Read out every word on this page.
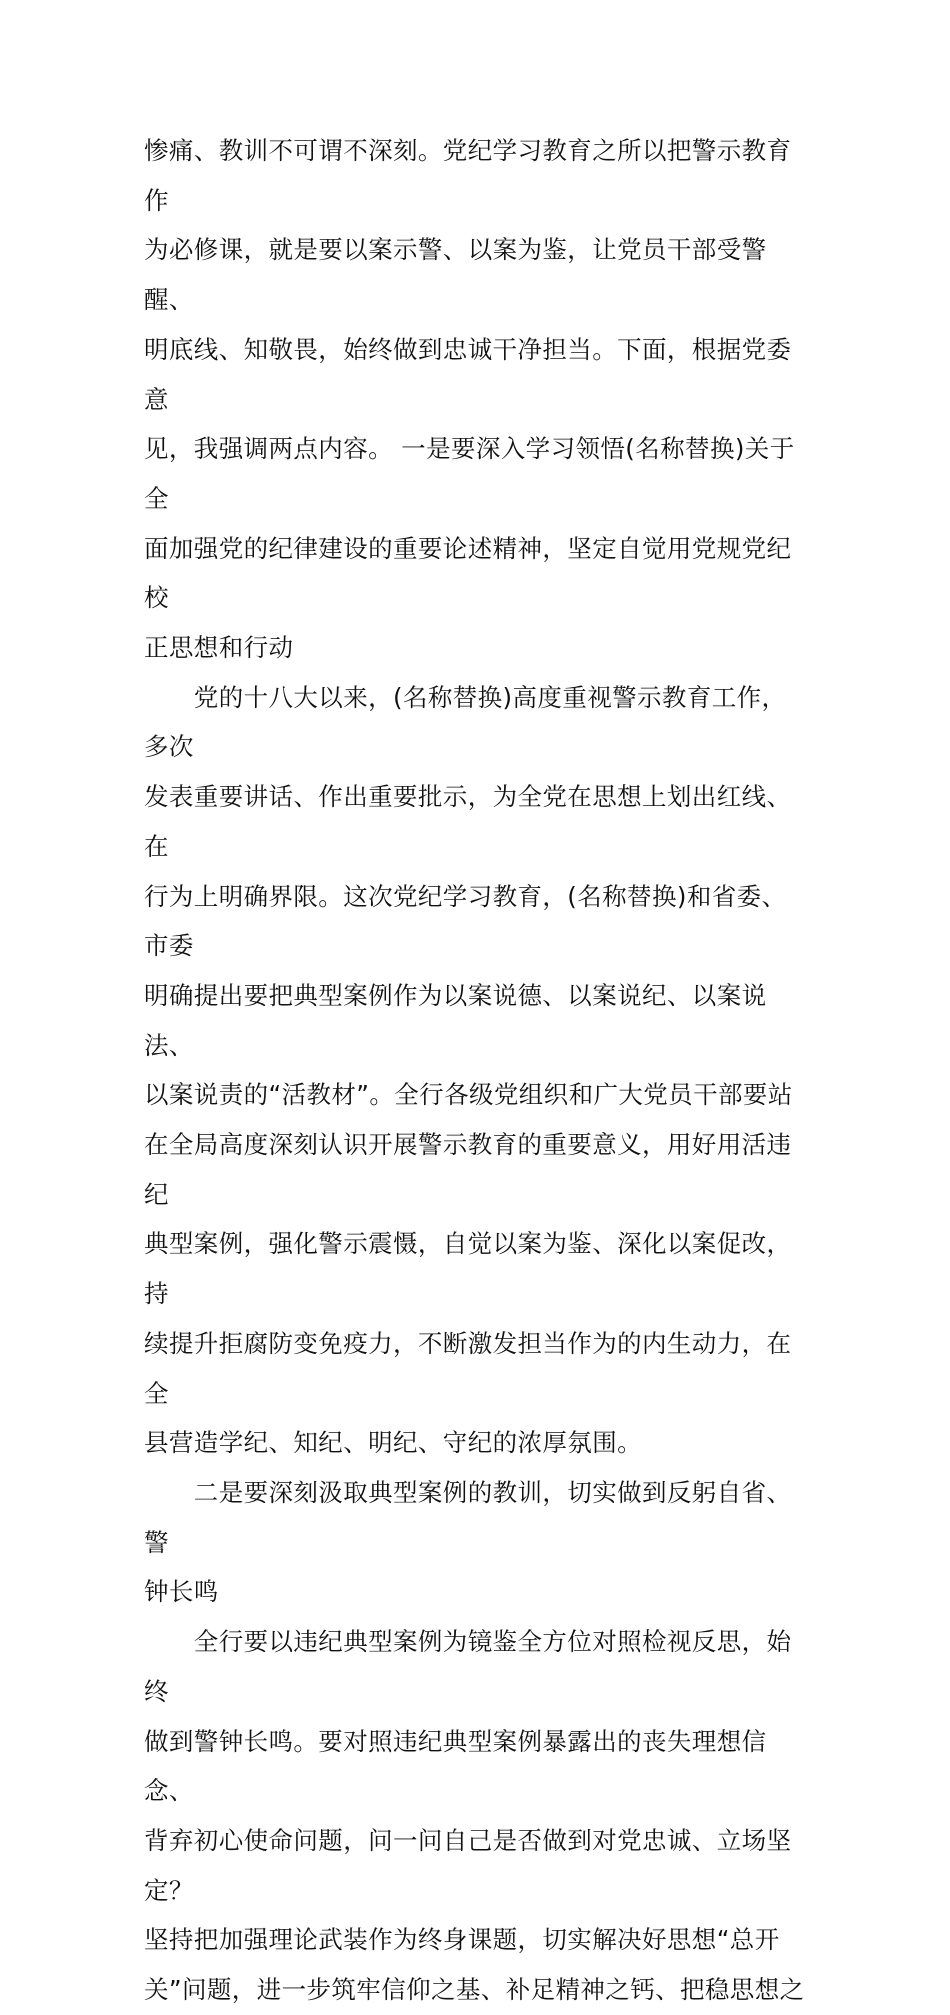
惨痛、教训不可谓不深刻。党纪学习教育之所以把警示教育作
为必修课，就是要以案示警、以案为鉴，让党员干部受警醒、
明底线、知敬畏，始终做到忠诚干净担当。下面，根据党委意
见，我强调两点内容。 一是要深入学习领悟(名称替换)关于全
面加强党的纪律建设的重要论述精神，坚定自觉用党规党纪校
正思想和行动

　　党的十八大以来，(名称替换)高度重视警示教育工作，多次
发表重要讲话、作出重要批示，为全党在思想上划出红线、在
行为上明确界限。这次党纪学习教育，(名称替换)和省委、市委
明确提出要把典型案例作为以案说德、以案说纪、以案说法、
以案说责的“活教材”。全行各级党组织和广大党员干部要站
在全局高度深刻认识开展警示教育的重要意义，用好用活违纪
典型案例，强化警示震慑，自觉以案为鉴、深化以案促改，持
续提升拒腐防变免疫力，不断激发担当作为的内生动力，在全
县营造学纪、知纪、明纪、守纪的浓厚氛围。

　　二是要深刻汲取典型案例的教训，切实做到反躬自省、警
钟长鸣

　　全行要以违纪典型案例为镜鉴全方位对照检视反思，始终
做到警钟长鸣。要对照违纪典型案例暴露出的丧失理想信念、
背弃初心使命问题，问一问自己是否做到对党忠诚、立场坚定？
坚持把加强理论武装作为终身课题，切实解决好思想“总开
关”问题，进一步筑牢信仰之基、补足精神之钙、把稳思想之
